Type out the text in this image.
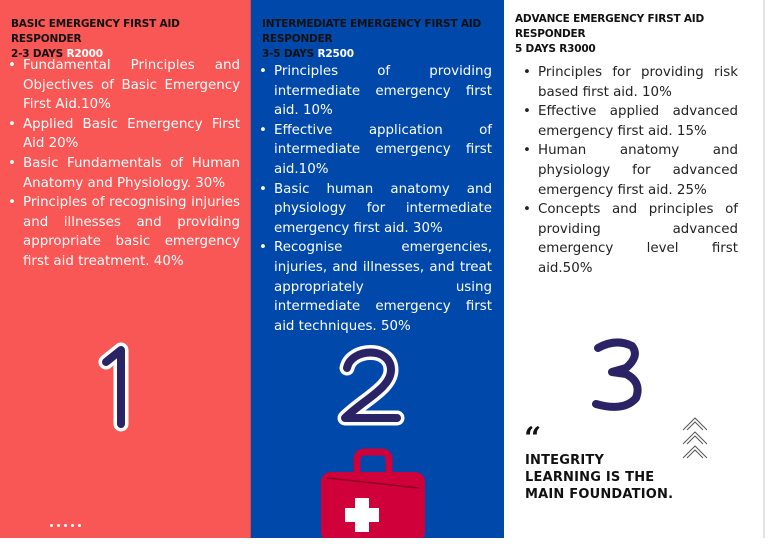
BASIC EMERGENCY FIRST AID RESPONDER
2-3 DAYS R2000
• Fundamental Principles and Objectives of Basic Emergency First Aid.10%
• Applied Basic Emergency First Aid 20%
• Basic Fundamentals of Human Anatomy and Physiology. 30%
• Principles of recognising injuries and illnesses and providing appropriate basic emergency first aid treatment. 40%

INTERMEDIATE EMERGENCY FIRST AID RESPONDER
3-5 DAYS R2500
• Principles of providing intermediate emergency first aid. 10%
• Effective application of intermediate emergency first aid.10%
• Basic human anatomy and physiology for intermediate emergency first aid. 30%
• Recognise emergencies, injuries, and illnesses, and treat appropriately using intermediate emergency first aid techniques. 50%
ADVANCE EMERGENCY FIRST AID RESPONDER
5 DAYS R3000
• Principles for providing risk based first aid. 10%
• Effective applied advanced emergency first aid. 15%
• Human anatomy and physiology for advanced emergency first aid. 25%
• Concepts and principles of providing advanced emergency level first aid.50%
“
INTEGRITY
LEARNING IS THE
MAIN FOUNDATION.
